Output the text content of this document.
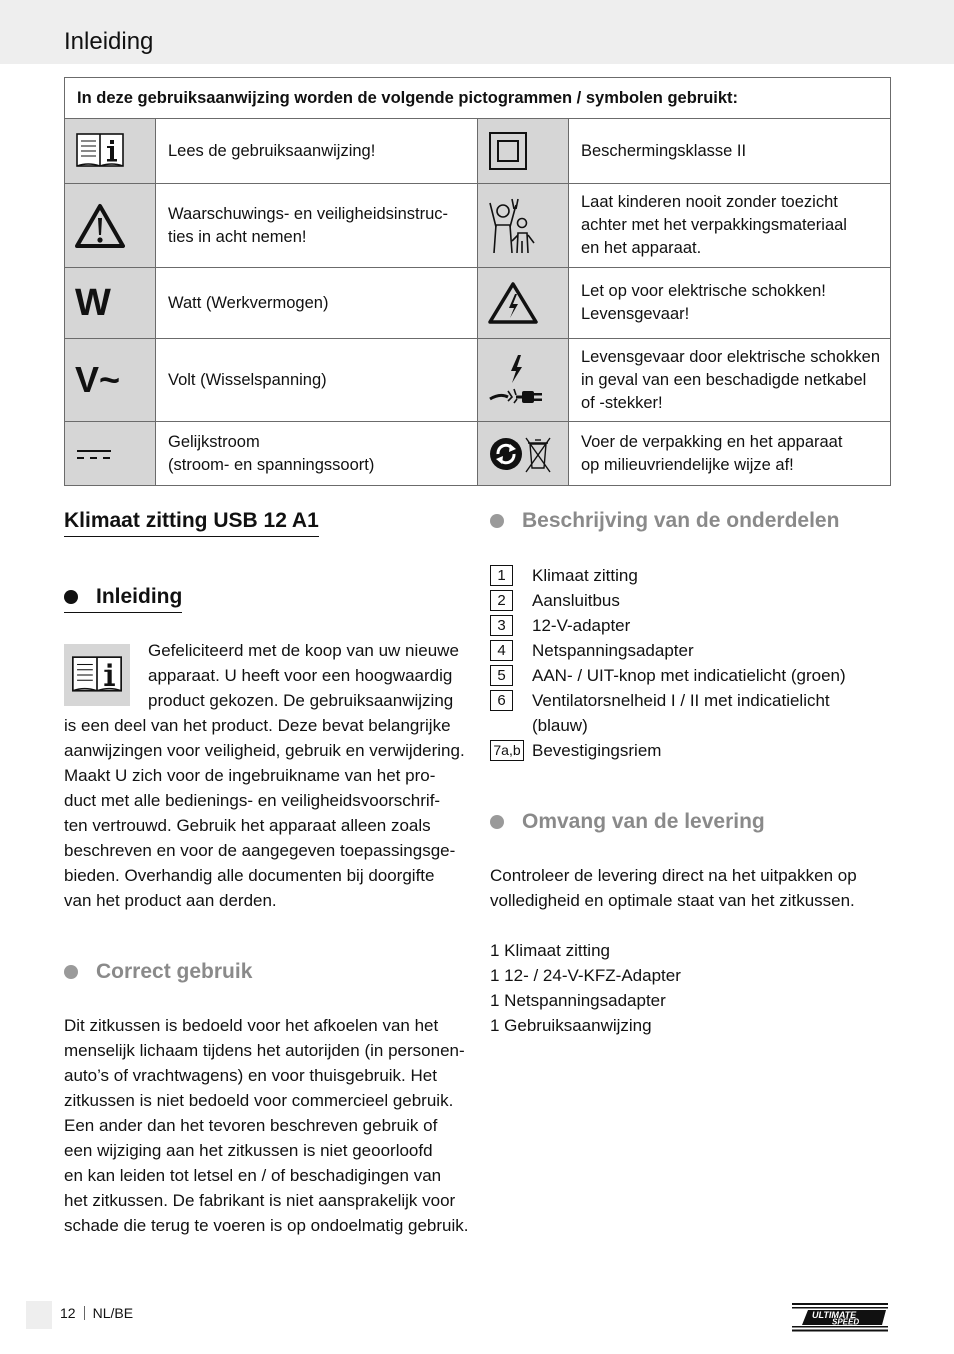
Inleiding
In deze gebruiksaanwijzing worden de volgende pictogrammen / symbolen gebruikt:			

	Lees de gebruiksaanwijzing!		Beschermingsklasse II

	Waarschuwings- en veiligheidsinstruc-
ties in acht nemen!		Laat kinderen nooit zonder toezicht
achter met het verpakkingsmateriaal
en het apparaat.
W	Watt (Werkvermogen)		Let op voor elektrische schokken!
Levensgevaar!
V~	Volt (Wisselspanning)		Levensgevaar door elektrische schokken
in geval van een beschadigde netkabel
of -stekker!

	Gelijkstroom
(stroom- en spanningssoort)		Voer de verpakking en het apparaat
op milieuvriendelijke wijze af!
Klimaat zitting USB 12 A1
Inleiding
Gefeliciteerd met de koop van uw nieuwe
apparaat. U heeft voor een hoogwaardig
product gekozen. De gebruiksaanwijzing
is een deel van het product. Deze bevat belangrijke
aanwijzingen voor veiligheid, gebruik en verwijdering.
Maakt U zich voor de ingebruikname van het pro-
duct met alle bedienings- en veiligheidsvoorschrif-
ten vertrouwd. Gebruik het apparaat alleen zoals
beschreven en voor de aangegeven toepassingsge-
bieden. Overhandig alle documenten bij doorgifte
van het product aan derden.
Correct gebruik
Dit zitkussen is bedoeld voor het afkoelen van het
menselijk lichaam tijdens het autorijden (in personen-
auto’s of vrachtwagens) en voor thuisgebruik. Het
zitkussen is niet bedoeld voor commercieel gebruik.
Een ander dan het tevoren beschreven gebruik of
een wijziging aan het zitkussen is niet geoorloofd
en kan leiden tot letsel en / of beschadigingen van
het zitkussen. De fabrikant is niet aansprakelijk voor
schade die terug te voeren is op ondoelmatig gebruik.
Beschrijving van de onderdelen
1	Klimaat zitting
2	Aansluitbus
3	12-V-adapter
4	Netspanningsadapter
5	AAN- / UIT-knop met indicatielicht (groen)
6	Ventilatorsnelheid I / II met indicatielicht
(blauw)
7a,b Bevestigingsriem
Omvang van de levering
Controleer de levering direct na het uitpakken op
volledigheid en optimale staat van het zitkussen.
1 Klimaat zitting
1 12- / 24-V-KFZ-Adapter
1 Netspanningsadapter
1 Gebruiksaanwijzing
12 NL/BE	ULTIMATE
SPEED
